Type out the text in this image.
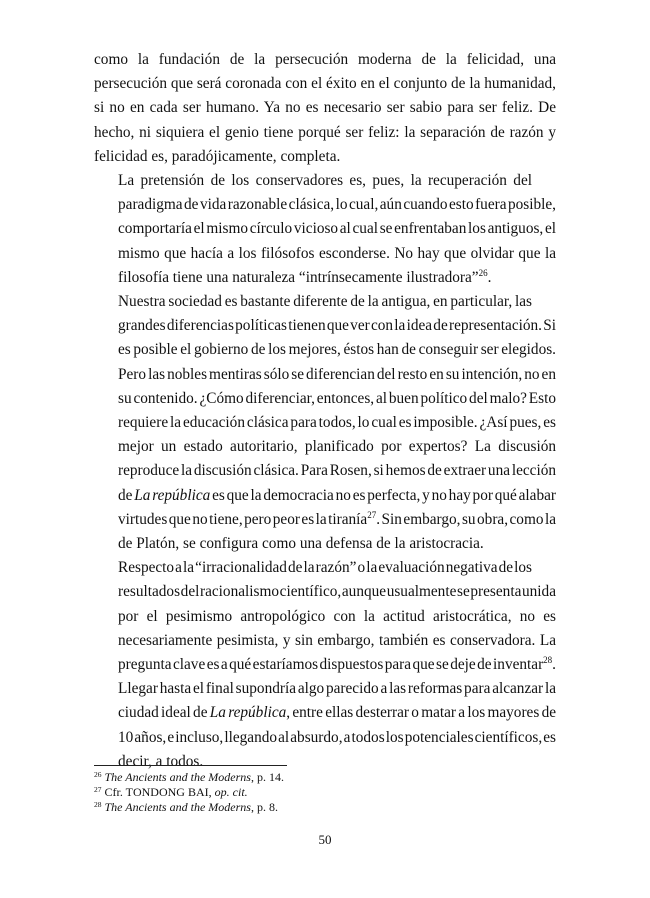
como la fundación de la persecución moderna de la felicidad, una
persecución que será coronada con el éxito en el conjunto de la humanidad,
si no en cada ser humano. Ya no es necesario ser sabio para ser feliz. De
hecho, ni siquiera el genio tiene porqué ser feliz: la separación de razón y
felicidad es, paradójicamente, completa.

La pretensión de los conservadores es, pues, la recuperación del
paradigma de vida razonable clásica, lo cual, aún cuando esto fuera posible,
comportaría el mismo círculo vicioso al cual se enfrentaban los antiguos, el
mismo que hacía a los filósofos esconderse. No hay que olvidar que la
filosofía tiene una naturaleza “intrínsecamente ilustradora”$^{26}$.

Nuestra sociedad es bastante diferente de la antigua, en particular, las
grandes diferencias políticas tienen que ver con la idea de representación. Si
es posible el gobierno de los mejores, éstos han de conseguir ser elegidos.
Pero las nobles mentiras sólo se diferencian del resto en su intención, no en
su contenido. ¿Cómo diferenciar, entonces, al buen político del malo? Esto
requiere la educación clásica para todos, lo cual es imposible. ¿Así pues, es
mejor un estado autoritario, planificado por expertos? La discusión
reproduce la discusión clásica. Para Rosen, si hemos de extraer una lección
de La república es que la democracia no es perfecta, y no hay por qué alabar
virtudes que no tiene, pero peor es la tiranía$^{27}$. Sin embargo, su obra, como la
de Platón, se configura como una defensa de la aristocracia.

Respecto a la “irracionalidad de la razón” o la evaluación negativa de los
resultados del racionalismo científico, aunque usualmente se presenta unida
por el pesimismo antropológico con la actitud aristocrática, no es
necesariamente pesimista, y sin embargo, también es conservadora. La
pregunta clave es a qué estaríamos dispuestos para que se deje de inventar$^{28}$.
Llegar hasta el final supondría algo parecido a las reformas para alcanzar la
ciudad ideal de La república, entre ellas desterrar o matar a los mayores de
10 años, e incluso, llegando al absurdo, a todos los potenciales científicos, es
decir, a todos.

$^{26}$ The Ancients and the Moderns, p. 14.
$^{27}$ Cfr. TONDONG BAI, op. cit.
$^{28}$ The Ancients and the Moderns, p. 8.
50
